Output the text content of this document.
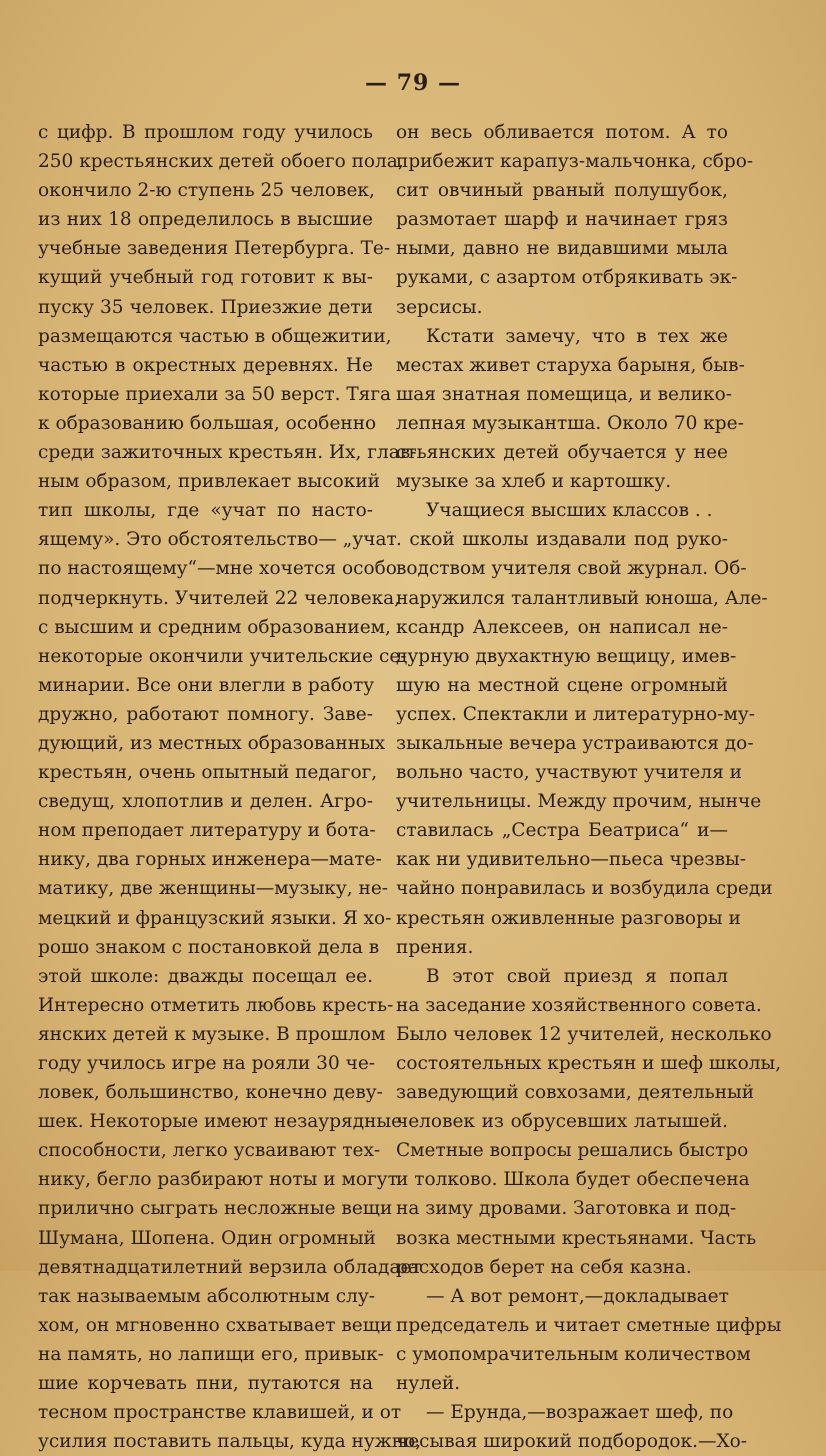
— 79 —
с цифр. В прошлом году училось
250 крестьянских детей обоего пола,
окончило 2-ю ступень 25 человек,
из них 18 определилось в высшие
учебные заведения Петербурга. Те-
кущий учебный год готовит к вы-
пуску 35 человек. Приезжие дети
размещаются частью в общежитии,
частью в окрестных деревнях. Не
которые приехали за 50 верст. Тяга
к образованию большая, особенно
среди зажиточных крестьян. Их, глав-
ным образом, привлекает высокий
тип школы, где «учат по насто-
ящему». Это обстоятельство— „учат
по настоящему“—мне хочется особо
подчеркнуть. Учителей 22 человека,
с высшим и средним образованием,
некоторые окончили учительские се-
минарии. Все они влегли в работу
дружно, работают помногу. Заве-
дующий, из местных образованных
крестьян, очень опытный педагог,
сведущ, хлопотлив и делен. Агро-
ном преподает литературу и бота-
нику, два горных инженера—мате-
матику, две женщины—музыку, не-
мецкий и французский языки. Я хо-
рошо знаком с постановкой дела в
этой школе: дважды посещал ее.
Интересно отметить любовь кресть-
янских детей к музыке. В прошлом
году училось игре на рояли 30 че-
ловек, большинство, конечно деву-
шек. Некоторые имеют незаурядные
способности, легко усваивают тех-
нику, бегло разбирают ноты и могут
прилично сыграть несложные вещи
Шумана, Шопена. Один огромный
девятнадцатилетний верзила обладает
так называемым абсолютным слу-
хом, он мгновенно схватывает вещи
на память, но лапищи его, привык-
шие корчевать пни, путаются на
тесном пространстве клавишей, и от
усилия поставить пальцы, куда нужно,
он весь обливается потом. А то
прибежит карапуз-мальчонка, сбро-
сит овчиный рваный полушубок,
размотает шарф и начинает гряз
ными, давно не видавшими мыла
руками, с азартом отбрякивать эк-
зерсисы.
Кстати замечу, что в тех же
местах живет старуха барыня, быв-
шая знатная помещица, и велико-
лепная музыкантша. Около 70 кре-
стьянских детей обучается у нее
музыке за хлеб и картошку.
Учащиеся высших классов . .
. ской школы издавали под руко-
водством учителя свой журнал. Об-
наружился талантливый юноша, Але-
ксандр Алексеев, он написал не-
дурную двухактную вещицу, имев-
шую на местной сцене огромный
успех. Спектакли и литературно-му-
зыкальные вечера устраиваются до-
вольно часто, участвуют учителя и
учительницы. Между прочим, нынче
ставилась „Сестра Беатриса“ и—
как ни удивительно—пьеса чрезвы-
чайно понравилась и возбудила среди
крестьян оживленные разговоры и
прения.
В этот свой приезд я попал
на заседание хозяйственного совета.
Было человек 12 учителей, несколько
состоятельных крестьян и шеф школы,
заведующий совхозами, деятельный
человек из обрусевших латышей.
Сметные вопросы решались быстро
и толково. Школа будет обеспечена
на зиму дровами. Заготовка и под-
возка местными крестьянами. Часть
расходов берет на себя казна.
— А вот ремонт,—докладывает
председатель и читает сметные цифры
с умопомрачительным количеством
нулей.
— Ерунда,—возражает шеф, по
чесывая широкий подбородок.—Хо-
